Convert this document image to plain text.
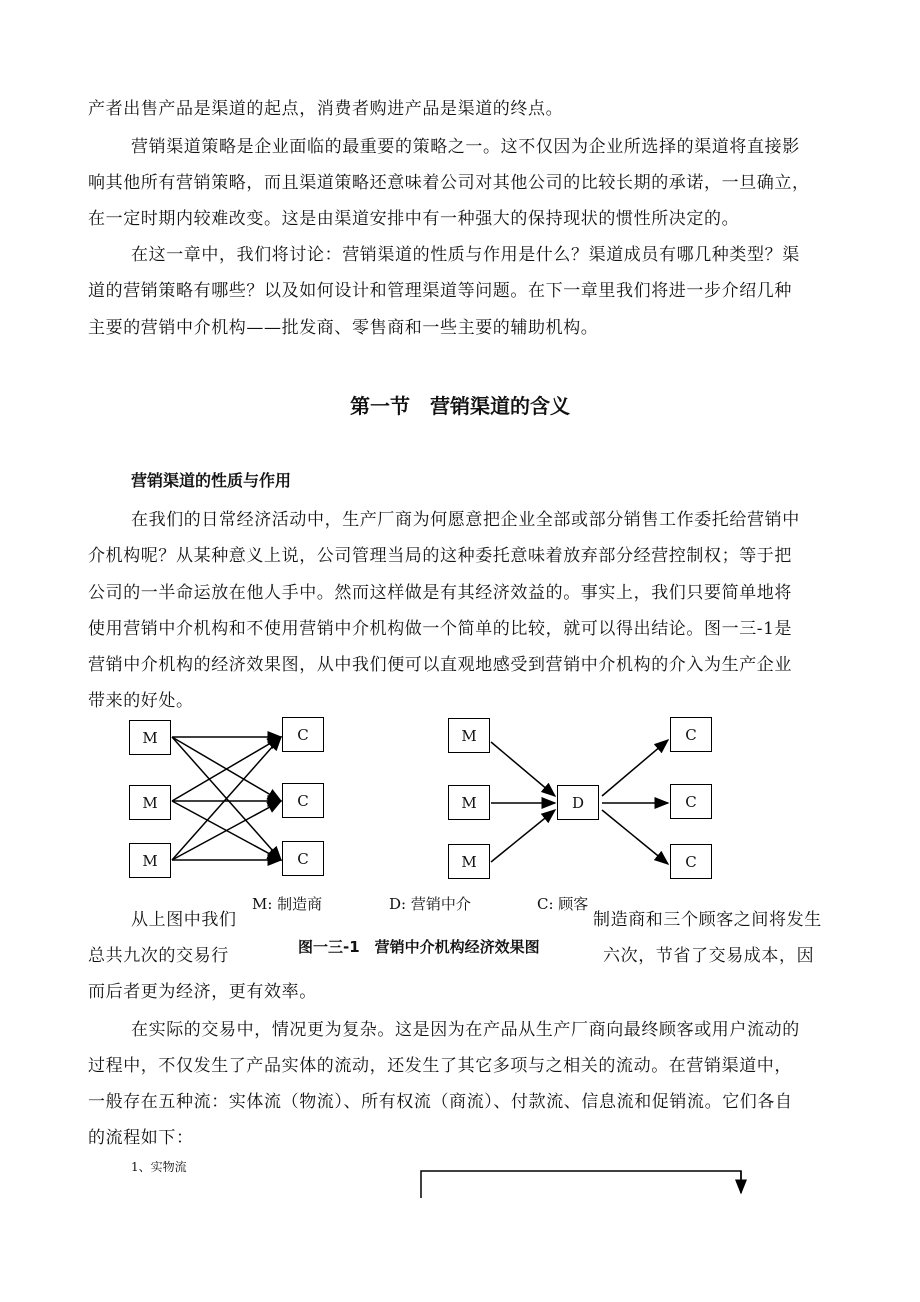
产者出售产品是渠道的起点，消费者购进产品是渠道的终点。
营销渠道策略是企业面临的最重要的策略之一。这不仅因为企业所选择的渠道将直接影
响其他所有营销策略，而且渠道策略还意味着公司对其他公司的比较长期的承诺，一旦确立，
在一定时期内较难改变。这是由渠道安排中有一种强大的保持现状的惯性所决定的。
在这一章中，我们将讨论：营销渠道的性质与作用是什么？渠道成员有哪几种类型？渠
道的营销策略有哪些？以及如何设计和管理渠道等问题。在下一章里我们将进一步介绍几种
主要的营销中介机构——批发商、零售商和一些主要的辅助机构。
第一节　营销渠道的含义
营销渠道的性质与作用
在我们的日常经济活动中，生产厂商为何愿意把企业全部或部分销售工作委托给营销中
介机构呢？从某种意义上说，公司管理当局的这种委托意味着放弃部分经营控制权；等于把
公司的一半命运放在他人手中。然而这样做是有其经济效益的。事实上，我们只要简单地将
使用营销中介机构和不使用营销中介机构做一个简单的比较，就可以得出结论。图一三-1是
营销中介机构的经济效果图，从中我们便可以直观地感受到营销中介机构的介入为生产企业
带来的好处。
从上图中我们	制造商和三个顾客之间将发生
总共九次的交易行	六次，节省了交易成本，因
而后者更为经济，更有效率。
M
M
M
C
C
C
M
M
M
D
C
C
C
M: 制造商	D: 营销中介	C: 顾客
图一三-1　营销中介机构经济效果图
在实际的交易中，情况更为复杂。这是因为在产品从生产厂商向最终顾客或用户流动的
过程中，不仅发生了产品实体的流动，还发生了其它多项与之相关的流动。在营销渠道中，
一般存在五种流：实体流（物流）、所有权流（商流）、付款流、信息流和促销流。它们各自
的流程如下：
1、实物流
